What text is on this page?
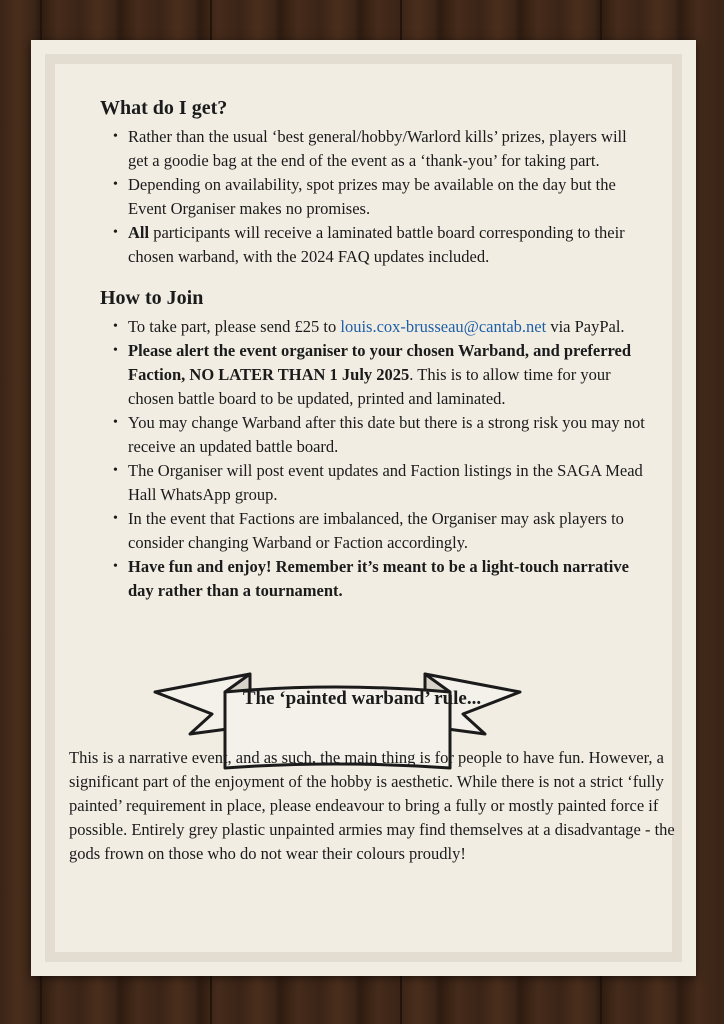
What do I get?
• Rather than the usual ‘best general/hobby/Warlord kills’ prizes, players will get a goodie bag at the end of the event as a ‘thank-you’ for taking part.
• Depending on availability, spot prizes may be available on the day but the Event Organiser makes no promises.
• All participants will receive a laminated battle board corresponding to their chosen warband, with the 2024 FAQ updates included.
How to Join
• To take part, please send £25 to louis.cox-brusseau@cantab.net via PayPal.
• Please alert the event organiser to your chosen Warband, and preferred Faction, NO LATER THAN 1 July 2025. This is to allow time for your chosen battle board to be updated, printed and laminated.
• You may change Warband after this date but there is a strong risk you may not receive an updated battle board.
• The Organiser will post event updates and Faction listings in the SAGA Mead Hall WhatsApp group.
• In the event that Factions are imbalanced, the Organiser may ask players to consider changing Warband or Faction accordingly.
• Have fun and enjoy! Remember it’s meant to be a light-touch narrative day rather than a tournament.
The ‘painted warband’ rule...
This is a narrative event, and as such, the main thing is for people to have fun. However, a significant part of the enjoyment of the hobby is aesthetic. While there is not a strict ‘fully painted’ requirement in place, please endeavour to bring a fully or mostly painted force if possible. Entirely grey plastic unpainted armies may find themselves at a disadvantage - the gods frown on those who do not wear their colours proudly!
